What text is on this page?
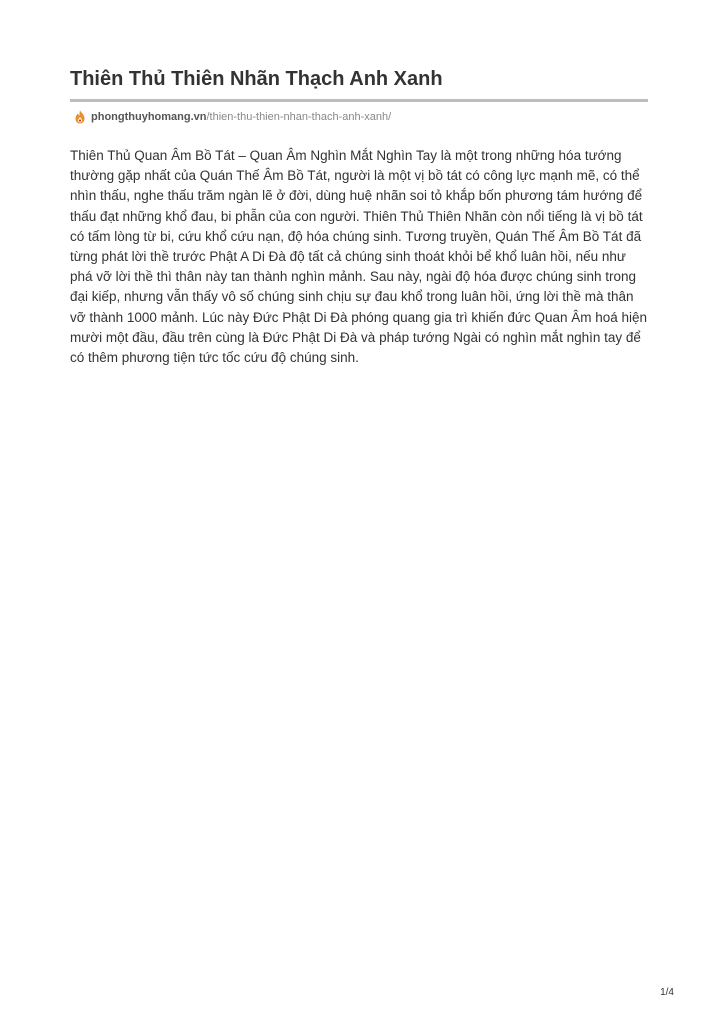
Thiên Thủ Thiên Nhãn Thạch Anh Xanh
phongthuyhomang.vn /thien-thu-thien-nhan-thach-anh-xanh/

Thiên Thủ Quan Âm Bồ Tát – Quan Âm Nghìn Mắt Nghìn Tay là một trong những hóa tướng thường gặp nhất của Quán Thế Âm Bồ Tát, người là một vị bồ tát có công lực mạnh mẽ, có thể nhìn thấu, nghe thấu trăm ngàn lẽ ở đời, dùng huệ nhãn soi tỏ khắp bốn phương tám hướng để thấu đạt những khổ đau, bi phẫn của con người. Thiên Thủ Thiên Nhãn còn nổi tiếng là vị bồ tát có tấm lòng từ bi, cứu khổ cứu nạn, độ hóa chúng sinh. Tương truyền, Quán Thế Âm Bồ Tát đã từng phát lời thề trước Phật A Di Đà độ tất cả chúng sinh thoát khỏi bể khổ luân hồi, nếu như phá vỡ lời thề thì thân này tan thành nghìn mảnh. Sau này, ngài độ hóa được chúng sinh trong đại kiếp, nhưng vẫn thấy vô số chúng sinh chịu sự đau khổ trong luân hồi, ứng lời thề mà thân vỡ thành 1000 mảnh. Lúc này Đức Phật Di Đà phóng quang gia trì khiến đức Quan Âm hoá hiện mười một đầu, đầu trên cùng là Đức Phật Di Đà và pháp tướng Ngài có nghìn mắt nghìn tay để có thêm phương tiện tức tốc cứu độ chúng sinh.

1/4
